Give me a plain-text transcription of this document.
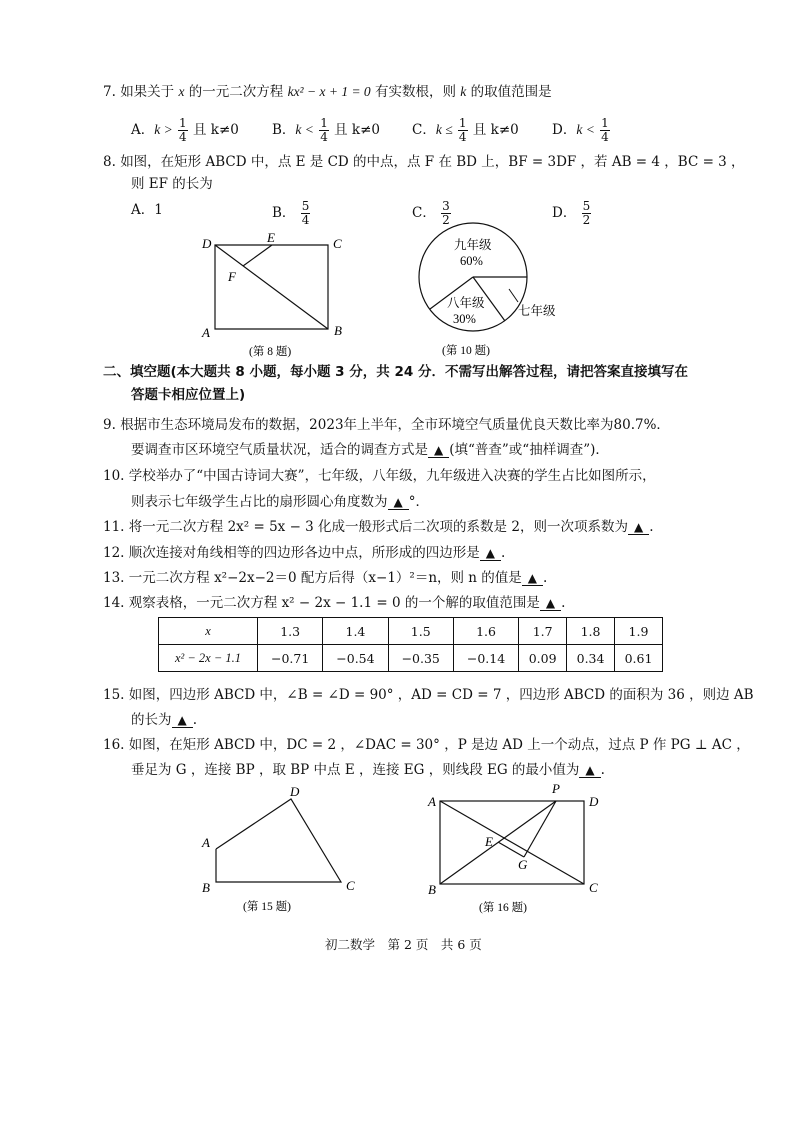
7. 如果关于 x 的一元二次方程 kx² − x + 1 = 0 有实数根，则 k 的取值范围是
A．$k > \frac{1}{4}$ 且 k≠0 B．$k < \frac{1}{4}$ 且 k≠0 C．$k \le \frac{1}{4}$ 且 k≠0 D．$k < \frac{1}{4}$
8. 如图，在矩形 ABCD 中，点 E 是 CD 的中点，点 F 在 BD 上，BF = 3DF ，若 AB = 4 ，BC = 3 ，
则 EF 的长为
A．1	B． $\frac{5}{4}$	C． $\frac{3}{2}$	D． $\frac{5}{2}$
D	E	C
F
A	B
(第 8 题)
九年级
60%
八年级
30%
七年级
(第 10 题)
二、填空题(本大题共 8 小题，每小题 3 分，共 24 分．不需写出解答过程，请把答案直接填写在
答题卡相应位置上)
9. 根据市生态环境局发布的数据，2023年上半年，全市环境空气质量优良天数比率为80.7%．
要调查市区环境空气质量状况，适合的调查方式是 ▲ (填“普查”或“抽样调查”)．
10. 学校举办了“中国古诗词大赛”，七年级，八年级，九年级进入决赛的学生占比如图所示，
则表示七年级学生占比的扇形圆心角度数为 ▲ °．
11. 将一元二次方程 2x² = 5x − 3 化成一般形式后二次项的系数是 2，则一次项系数为 ▲ .
12. 顺次连接对角线相等的四边形各边中点，所形成的四边形是 ▲ .
13. 一元二次方程 x²−2x−2＝0 配方后得（x−1）²＝n，则 n 的值是 ▲ .
14. 观察表格，一元二次方程 x² − 2x − 1.1 = 0 的一个解的取值范围是 ▲ .
x	1.3	1.4	1.5	1.6	1.7	1.8	1.9
x² − 2x − 1.1	−0.71	−0.54	−0.35	−0.14	0.09	0.34	0.61
15. 如图，四边形 ABCD 中，∠B = ∠D = 90° ，AD = CD = 7 ，四边形 ABCD 的面积为 36 ，则边 AB
的长为 ▲ .
16. 如图，在矩形 ABCD 中，DC = 2 ，∠DAC = 30° ，P 是边 AD 上一个动点，过点 P 作 PG ⊥ AC ，
垂足为 G ，连接 BP ，取 BP 中点 E ，连接 EG ，则线段 EG 的最小值为 ▲ .
D
A
B	C
(第 15 题)
A
P
D
E
G
B	C
(第 16 题)
初二数学　第 2 页　共 6 页
